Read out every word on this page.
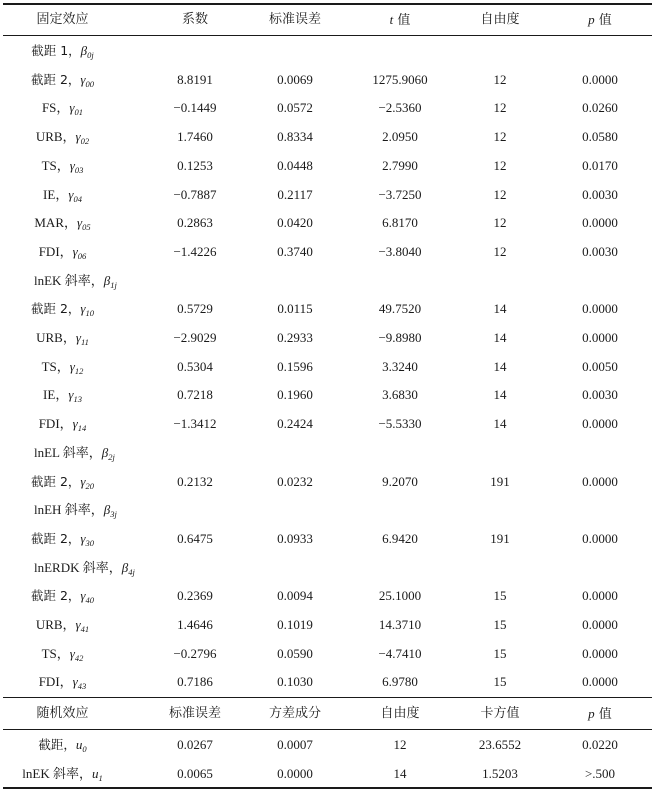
固定效应	系数	标准误差	t 值	自由度	p 值
截距 1，$\beta_{0j}$
截距 2，$\gamma_{00}$	8.8191	0.0069	1275.9060	12	0.0000
FS，$\gamma_{01}$	−0.1449	0.0572	−2.5360	12	0.0260
URB，$\gamma_{02}$	1.7460	0.8334	2.0950	12	0.0580
TS，$\gamma_{03}$	0.1253	0.0448	2.7990	12	0.0170
IE，$\gamma_{04}$	−0.7887	0.2117	−3.7250	12	0.0030
MAR，$\gamma_{05}$	0.2863	0.0420	6.8170	12	0.0000
FDI，$\gamma_{06}$	−1.4226	0.3740	−3.8040	12	0.0030
lnEK 斜率，$\beta_{1j}$
截距 2，$\gamma_{10}$	0.5729	0.0115	49.7520	14	0.0000
URB，$\gamma_{11}$	−2.9029	0.2933	−9.8980	14	0.0000
TS，$\gamma_{12}$	0.5304	0.1596	3.3240	14	0.0050
IE，$\gamma_{13}$	0.7218	0.1960	3.6830	14	0.0030
FDI，$\gamma_{14}$	−1.3412	0.2424	−5.5330	14	0.0000
lnEL 斜率，$\beta_{2j}$
截距 2，$\gamma_{20}$	0.2132	0.0232	9.2070	191	0.0000
lnEH 斜率，$\beta_{3j}$
截距 2，$\gamma_{30}$	0.6475	0.0933	6.9420	191	0.0000
lnERDK 斜率，$\beta_{4j}$
截距 2，$\gamma_{40}$	0.2369	0.0094	25.1000	15	0.0000
URB，$\gamma_{41}$	1.4646	0.1019	14.3710	15	0.0000
TS，$\gamma_{42}$	−0.2796	0.0590	−4.7410	15	0.0000
FDI，$\gamma_{43}$	0.7186	0.1030	6.9780	15	0.0000
随机效应	标准误差	方差成分	自由度	卡方值	p 值
截距，$u_0$	0.0267	0.0007	12	23.6552	0.0220
lnEK 斜率，$u_1$	0.0065	0.0000	14	1.5203	>.500
